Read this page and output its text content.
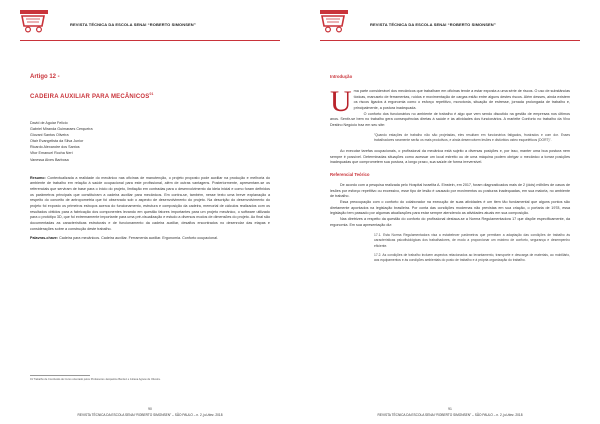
REVISTA TÉCNICA DA ESCOLA SENAI “ROBERTO SIMONSEN”
Artigo 12 -
CADEIRA AUXILIAR PARA MECÂNICOS$^{01}$
David de Aguiar Felicio
Gabriel Miranda Guimaraes Cerqueira
Giovani Santos Oliveira
Otair Evangelista da Silva Junior
Ricardo Alexandre dos Santos
Vitor Emanuel Rocha Neri
Vanessa Alves Barbosa

Resumo: Contextualizada a realidade do mecânico nas oficinas de manutenção, o projeto proposto pode auxiliar na produção e melhoria do ambiente de trabalho em relação à saúde ocupacional para este profissional, além de outras vantagens. Posteriormente, apresentam-se os referenciais que serviram de base para o início do projeto, limitação em contradas para o desenvolvimento da ideia inicial e como foram definidos os parâmetros principais que constituíram a cadeira auxiliar para mecânicos. Em contra-se, também, nesse texto uma breve explanação a respeito do conceito de antropometria que foi observado sob o aspecto de desenvolvimento do projeto. Na descrição do desenvolvimento do projeto foi exposto os primeiros esboços acerca do funcionamento, estrutura e composição da cadeira, memorial de cálculos realizados com os resultados obtidos para a fabricação dos componentes levando em questão fatores importantes para um projeto mecânico, o software utilizado para o protótipo 3D, que foi extremamente importante para uma pré-visualização e estudo a diversos modos de dimensões do projeto. Ao final são documentadas as características estruturais e de funcionamento da cadeira auxiliar, desafios encontrados no desenrolar das etapas e considerações sobre a construção deste trabalho.

Palavras-chave: Cadeira para mecânicos. Cadeira auxiliar. Ferramenta auxiliar. Ergonomia. Conforto ocupacional.

01 Trabalho de Conclusão de Curso orientado pelos Professores Jacqueline Benitez e Juliana Agnew de Oliveira.
90
REVISTA TÉCNICA DA ESCOLA SENAI “ROBERTO SIMONSEN” – SÃO PAULO – n. 2, jul./dez. 2018
REVISTA TÉCNICA DA ESCOLA SENAI “ROBERTO SIMONSEN”
Introdução
U ma parte considerável dos mecânicos que trabalham em oficinas tende a estar exposta a uma série de riscos. O uso de substâncias tóxicas, manuseio de ferramentas, ruídos e movimentação de cargas estão entre alguns destes riscos. Além desses, ainda existem os riscos ligados à ergonomia como o esforço repetitivo, monotonia, situação de estresse, jornada prolongada de trabalho e, principalmente, a postura inadequada.

O conforto dos funcionários no ambiente de trabalho é algo que vem sendo discutido na gestão de empresas nos últimos anos. Sentir-se bem no trabalho gera consequências diretas à saúde e às atividades dos funcionários. A marleite Conforto no trabalho da Vivo Destino Negócio traz em seu site:

“Quando estações de trabalho não são projetadas, eles resultam em funcionários fatigados, frustrados e com dor. Esses trabalhadores raramente serão os mais produtivos, e ainda desenvolvem lesões e distúrbios osteo esqueléticos (DORT)”.

Ao executar tarefas ocupacionais, o profissional da mecânica está sujeito a diversas posições e, por isso, manter uma boa postura nem sempre é possível. Determinadas situações como acessar um local estreito ou de uma máquina podem obrigar o mecânico a tomar posições inadequadas que comprometem sua postura, a longo prazo, sua saúde de forma irreversível.

Referencial Teórico

De acordo com a pesquisa realizada pelo Hospital Israelita A. Einstein, em 2017, foram diagnosticados mais de 2 (dois) milhões de casos de lesões por esforço repetitivo ou excessivo, esse tipo de lesão é causado por movimentos ou posturas inadequadas, em sua maioria, no ambiente de trabalho.

Essa preocupação com o conforto do colaborador na execução de suas atividades é um item tão fundamental que alguns pontos são diretamente apontados na legislação brasileira. Por conta das condições modernas não previstas em sua criação, o portaria de 1978, essa legislação tem passado por algumas atualizações para estar sempre atendendo as atividades atuais em sua composição.

Nas diretrizes a respeito da questão do conforto do profissional destaca-se a Norma Regulamentadora 17 que dispõe especificamente, da ergonomia. Em sua apresentação diz:

17.1. Esta Norma Regulamentadora visa a estabelecer parâmetros que permitam a adaptação das condições de trabalho às características psicofisiológicas dos trabalhadores, de modo a proporcionar um máximo de conforto, segurança e desempenho eficiente.

17.2. As condições de trabalho incluem aspectos relacionados ao levantamento, transporte e descarga de materiais, ao mobiliário, aos equipamentos e às condições ambientais do posto de trabalho e à própria organização do trabalho.

91
REVISTA TÉCNICA DA ESCOLA SENAI “ROBERTO SIMONSEN” – SÃO PAULO – n. 2, jul./dez. 2018
